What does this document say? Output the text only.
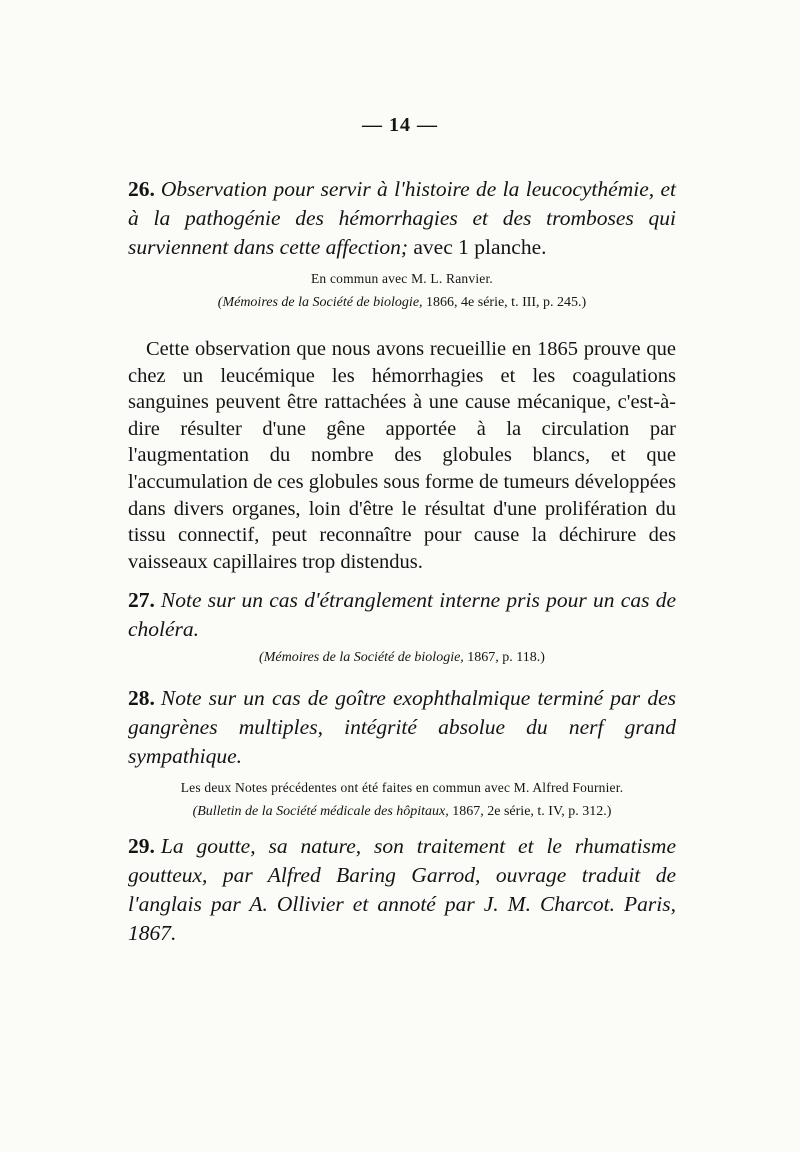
— 14 —

26. Observation pour servir à l'histoire de la leucocythémie, et à la pathogénie des hémorrhagies et des tromboses qui surviennent dans cette affection; avec 1 planche.

En commun avec M. L. Ranvier.
(Mémoires de la Société de biologie, 1866, 4e série, t. III, p. 245.)

Cette observation que nous avons recueillie en 1865 prouve que chez un leucémique les hémorrhagies et les coagulations sanguines peuvent être rattachées à une cause mécanique, c'est-à-dire résulter d'une gêne apportée à la circulation par l'augmentation du nombre des globules blancs, et que l'accumulation de ces globules sous forme de tumeurs développées dans divers organes, loin d'être le résultat d'une prolifération du tissu connectif, peut reconnaître pour cause la déchirure des vaisseaux capillaires trop distendus.

27. Note sur un cas d'étranglement interne pris pour un cas de choléra.

(Mémoires de la Société de biologie, 1867, p. 118.)

28. Note sur un cas de goître exophthalmique terminé par des gangrènes multiples, intégrité absolue du nerf grand sympathique.

Les deux Notes précédentes ont été faites en commun avec M. Alfred Fournier.
(Bulletin de la Société médicale des hôpitaux, 1867, 2e série, t. IV, p. 312.)

29. La goutte, sa nature, son traitement et le rhumatisme goutteux, par Alfred Baring Garrod, ouvrage traduit de l'anglais par A. Ollivier et annoté par J. M. Charcot. Paris, 1867.
